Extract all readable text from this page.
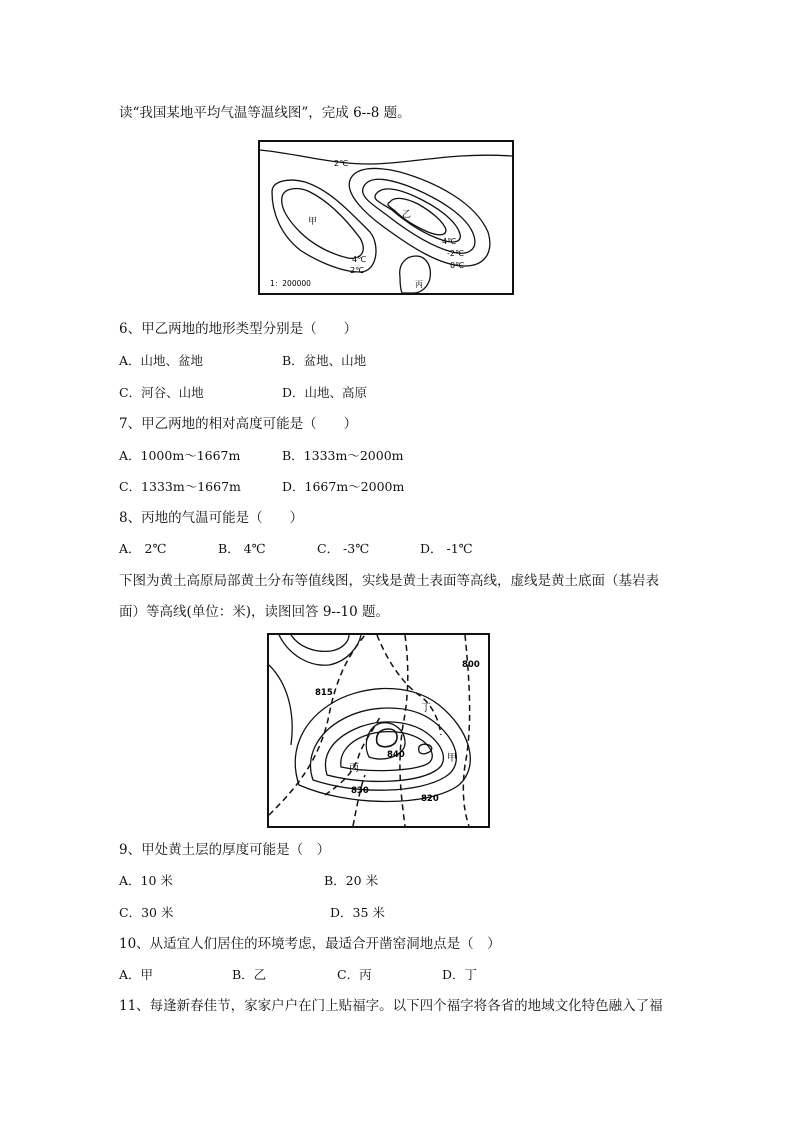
读“我国某地平均气温等温线图”，完成 6--8 题。
2℃
甲
乙
4℃
2℃
4℃
-2℃
0℃
丙
1：200000
6、甲乙两地的地形类型分别是（　　）
A．山地、盆地	B．盆地、山地
C．河谷、山地	D．山地、高原
7、甲乙两地的相对高度可能是（　　）
A．1000m～1667m	B．1333m～2000m
C．1333m～1667m	D．1667m～2000m
8、丙地的气温可能是（　　）
A． 2℃	B． 4℃	C． -3℃	D． -1℃
下图为黄土高原局部黄土分布等值线图，实线是黄土表面等高线，虚线是黄土底面（基岩表
面）等高线(单位：米)，读图回答 9--10 题。
800
815
丁
840	甲
丙
830
820
9、甲处黄土层的厚度可能是（　）
A．10 米	B．20 米
C．30 米	D．35 米
10、从适宜人们居住的环境考虑，最适合开凿窑洞地点是（　）
A．甲	B．乙	C．丙	D．丁
11、每逢新春佳节，家家户户在门上贴福字。以下四个福字将各省的地域文化特色融入了福
